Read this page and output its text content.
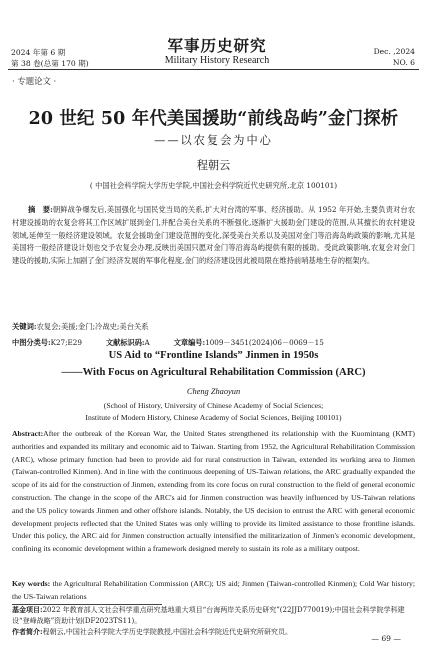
2024 年第 6 期
第 38 卷(总第 170 期)
军事历史研究
Military History Research
Dec. ,2024
NO. 6
· 专题论文 ·
20 世纪 50 年代美国援助“前线岛屿”金门探析
——以农复会为中心
程朝云
( 中国社会科学院大学历史学院,中国社会科学院近代史研究所,北京 100101)
摘　要:朝鲜战争爆发后,美国强化与国民党当局的关系,扩大对台湾的军事、经济援助。从 1952 年开始,主要负责对台农村建设援助的农复会将其工作区域扩展到金门,并配合美台关系的不断强化,逐渐扩大援助金门建设的范围,从其擅长的农村建设领域,延伸至一般经济建设领域。农复会援助金门建设范围的变化,深受美台关系以及美国对金门等沿海岛屿政策的影响,尤其是美国将一般经济建设计划也交予农复会办理,反映出美国只愿对金门等沿海岛屿提供有限的援助。受此政策影响,农复会对金门建设的援助,实际上加剧了金门经济发展的军事化程度,金门的经济建设因此被局限在维持前哨基地生存的框架内。
关键词:农复会;美援;金门;冷战史;美台关系
中图分类号:K27;E29	文献标识码:A	文章编号:1009－3451(2024)06－0069－15
US Aid to “Frontline Islands” Jinmen in 1950s
——With Focus on Agricultural Rehabilitation Commission (ARC)
Cheng Zhaoyun
(School of History, University of Chinese Academy of Social Sciences;
Institute of Modern History, Chinese Academy of Social Sciences, Beijing 100101)
Abstract:After the outbreak of the Korean War, the United States strengthened its relationship with the Kuomintang (KMT) authorities and expanded its military and economic aid to Taiwan. Starting from 1952, the Agricultural Rehabilitation Commission (ARC), whose primary function had been to provide aid for rural construction in Taiwan, extended its working area to Jinmen (Taiwan-controlled Kinmen). And in line with the continuous deepening of US-Taiwan relations, the ARC gradually expanded the scope of its aid for the construction of Jinmen, extending from its core focus on rural construction to the field of general economic construction. The change in the scope of the ARC's aid for Jinmen construction was heavily influenced by US-Taiwan relations and the US policy towards Jinmen and other offshore islands. Notably, the US decision to entrust the ARC with general economic development projects reflected that the United States was only willing to provide its limited assistance to those frontline islands. Under this policy, the ARC aid for Jinmen construction actually intensified the militarization of Jinmen's economic development, confining its economic development within a framework designed merely to sustain its role as a military outpost.
Key words: the Agricultural Rehabilitation Commission (ARC); US aid; Jinmen (Taiwan-controlled Kinmen); Cold War history; the US-Taiwan relations
基金项目:2022 年教育部人文社会科学重点研究基地重大项目“台海两岸关系历史研究”(22JJD770019);中国社会科学院学科建设“登峰战略”资助计划(DF2023TS11)。
作者简介:程朝云,中国社会科学院大学历史学院教授,中国社会科学院近代史研究所研究员。
— 69 —
